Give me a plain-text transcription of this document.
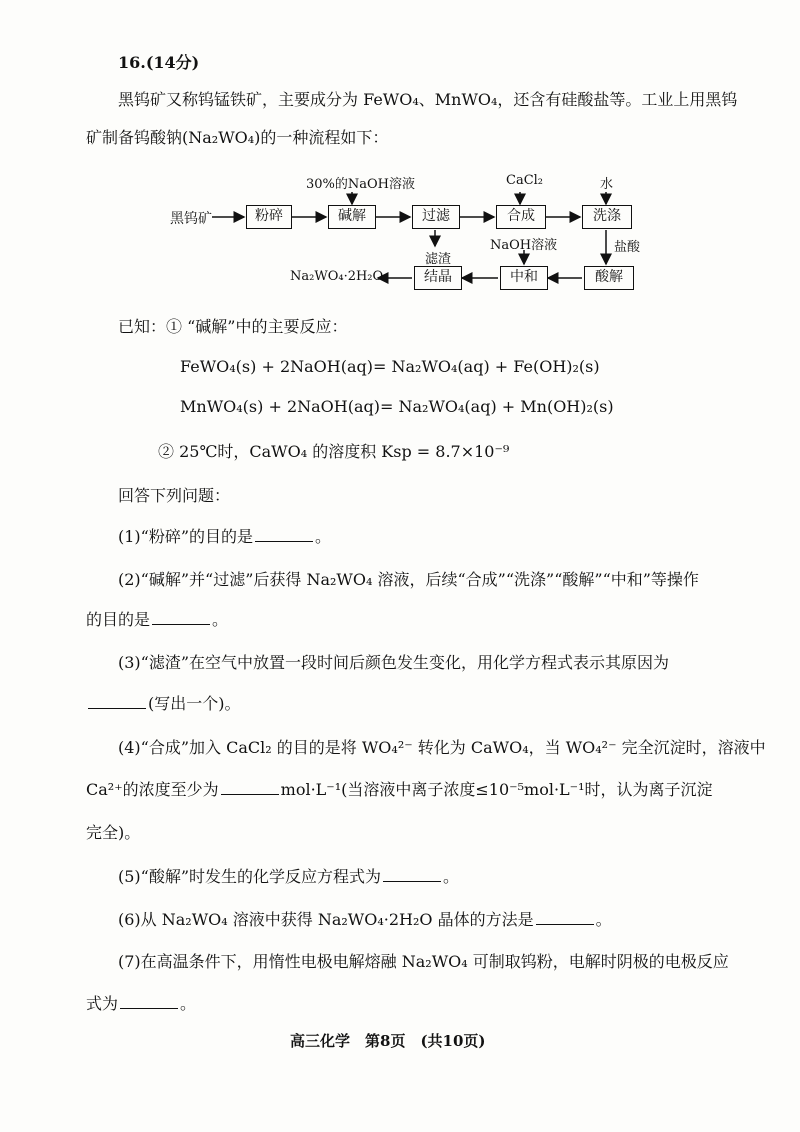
16.(14分)
黑钨矿又称钨锰铁矿，主要成分为 FeWO₄、MnWO₄，还含有硅酸盐等。工业上用黑钨
矿制备钨酸钠(Na₂WO₄)的一种流程如下：
黑钨矿	粉碎	碱解	过滤	合成	洗涤
酸解
中和
结晶
Na₂WO₄·2H₂O
滤渣
30%的NaOH溶液	CaCl₂	水
盐酸
NaOH溶液
已知：① “碱解”中的主要反应：
FeWO₄(s) + 2NaOH(aq)= Na₂WO₄(aq) + Fe(OH)₂(s)
MnWO₄(s) + 2NaOH(aq)= Na₂WO₄(aq) + Mn(OH)₂(s)
② 25℃时，CaWO₄ 的溶度积 Ksp = 8.7×10⁻⁹
回答下列问题：
(1)“粉碎”的目的是	。
(2)“碱解”并“过滤”后获得 Na₂WO₄ 溶液，后续“合成”“洗涤”“酸解”“中和”等操作
的目的是	。
(3)“滤渣”在空气中放置一段时间后颜色发生变化，用化学方程式表示其原因为
(写出一个)。
(4)“合成”加入 CaCl₂ 的目的是将 WO₄²⁻ 转化为 CaWO₄，当 WO₄²⁻ 完全沉淀时，溶液中
Ca²⁺的浓度至少为	mol·L⁻¹(当溶液中离子浓度≤10⁻⁵mol·L⁻¹时，认为离子沉淀
完全)。
(5)“酸解”时发生的化学反应方程式为	。
(6)从 Na₂WO₄ 溶液中获得 Na₂WO₄·2H₂O 晶体的方法是	。
(7)在高温条件下，用惰性电极电解熔融 Na₂WO₄ 可制取钨粉，电解时阴极的电极反应
式为	。
高三化学　第8页　(共10页)
